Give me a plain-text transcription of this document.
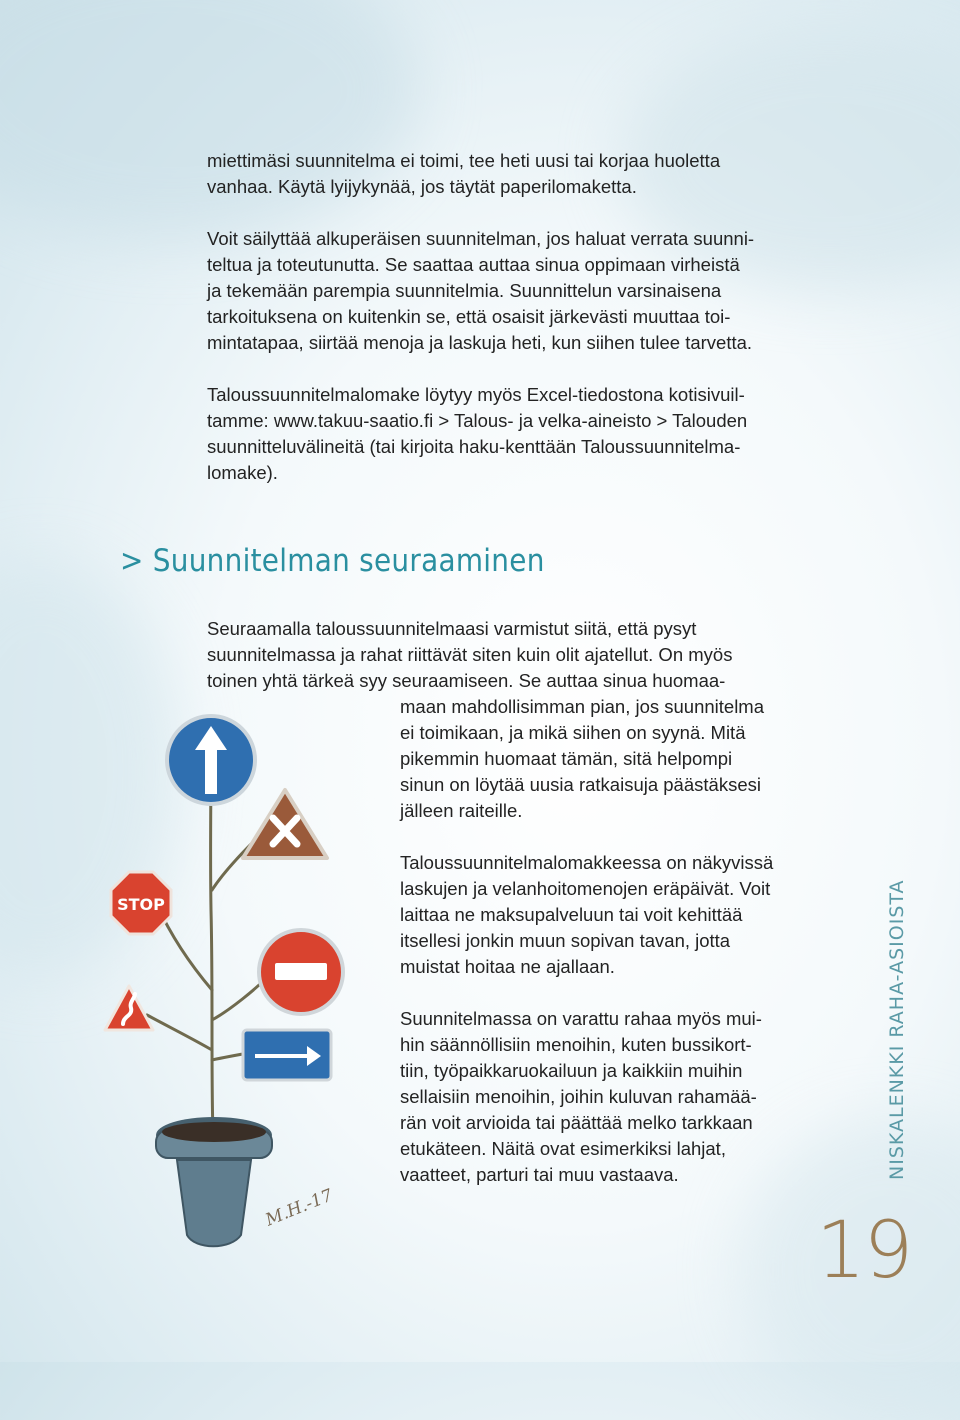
miettimäsi suunnitelma ei toimi, tee heti uusi tai korjaa huoletta
vanhaa. Käytä lyijykynää, jos täytät paperilomaketta.
Voit säilyttää alkuperäisen suunnitelman, jos haluat verrata suunni-
teltua ja toteutunutta. Se saattaa auttaa sinua oppimaan virheistä
ja tekemään parempia suunnitelmia. Suunnittelun varsinaisena
tarkoituksena on kuitenkin se, että osaisit järkevästi muuttaa toi-
mintatapaa, siirtää menoja ja laskuja heti, kun siihen tulee tarvetta.
Taloussuunnitelmalomake löytyy myös Excel-tiedostona kotisivuil-
tamme: www.takuu-saatio.fi > Talous- ja velka-aineisto > Talouden
suunnitteluvälineitä (tai kirjoita haku-kenttään Taloussuunnitelma-
lomake).
> Suunnitelman seuraaminen
Seuraamalla taloussuunnitelmaasi varmistut siitä, että pysyt
suunnitelmassa ja rahat riittävät siten kuin olit ajatellut. On myös
toinen yhtä tärkeä syy seuraamiseen. Se auttaa sinua huomaa-
maan mahdollisimman pian, jos suunnitelma
ei toimikaan, ja mikä siihen on syynä. Mitä
pikemmin huomaat tämän, sitä helpompi
sinun on löytää uusia ratkaisuja päästäksesi
jälleen raiteille.
Taloussuunnitelmalomakkeessa on näkyvissä
laskujen ja velanhoitomenojen eräpäivät. Voit
laittaa ne maksupalveluun tai voit kehittää
itsellesi jonkin muun sopivan tavan, jotta
muistat hoitaa ne ajallaan.
Suunnitelmassa on varattu rahaa myös mui-
hin säännöllisiin menoihin, kuten bussikort-
tiin, työpaikkaruokailuun ja kaikkiin muihin
sellaisiin menoihin, joihin kuluvan rahamää-
rän voit arvioida tai päättää melko tarkkaan
etukäteen. Näitä ovat esimerkiksi lahjat,
vaatteet, parturi tai muu vastaava.
STOP
M.H.-17
NISKALENKKI RAHA-ASIOISTA
19
